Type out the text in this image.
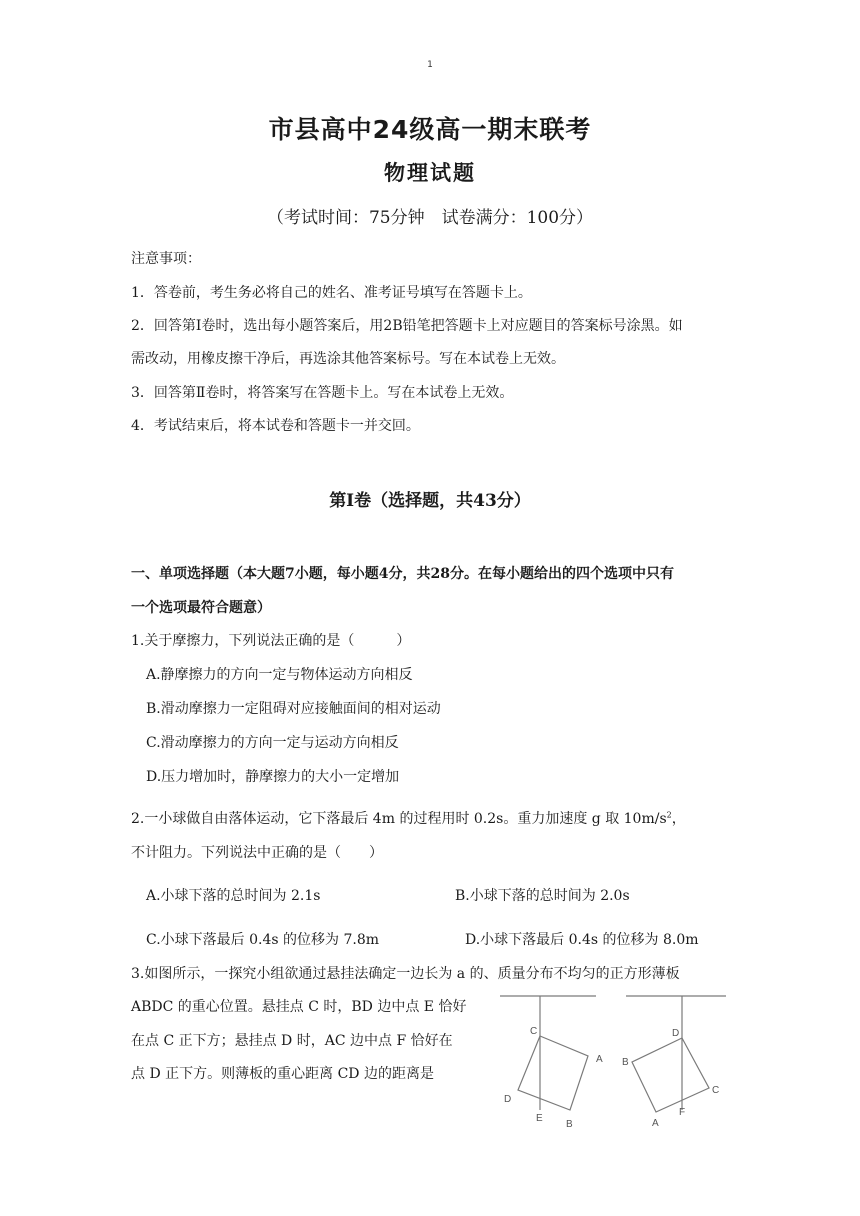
1
市县高中24级高一期末联考
物理试题
（考试时间：75分钟　试卷满分：100分）
注意事项：
1．答卷前，考生务必将自己的姓名、准考证号填写在答题卡上。
2．回答第Ⅰ卷时，选出每小题答案后，用2B铅笔把答题卡上对应题目的答案标号涂黑。如
需改动，用橡皮擦干净后，再选涂其他答案标号。写在本试卷上无效。
3．回答第Ⅱ卷时，将答案写在答题卡上。写在本试卷上无效。
4．考试结束后，将本试卷和答题卡一并交回。
第Ⅰ卷（选择题，共43分）
一、单项选择题（本大题7小题，每小题4分，共28分。在每小题给出的四个选项中只有
一个选项最符合题意）
1.关于摩擦力，下列说法正确的是（　　　）
A.静摩擦力的方向一定与物体运动方向相反
B.滑动摩擦力一定阻碍对应接触面间的相对运动
C.滑动摩擦力的方向一定与运动方向相反
D.压力增加时，静摩擦力的大小一定增加
2.一小球做自由落体运动，它下落最后 4m 的过程用时 0.2s。重力加速度 g 取 $10m/s^2$，
不计阻力。下列说法中正确的是（　　）
A.小球下落的总时间为 2.1s	B.小球下落的总时间为 2.0s
C.小球下落最后 0.4s 的位移为 7.8m	D.小球下落最后 0.4s 的位移为 8.0m
3.如图所示，一探究小组欲通过悬挂法确定一边长为 a 的、质量分布不均匀的正方形薄板
ABDC 的重心位置。悬挂点 C 时，BD 边中点 E 恰好
在点 C 正下方；悬挂点 D 时，AC 边中点 F 恰好在
点 D 正下方。则薄板的重心距离 CD 边的距离是
C
A
D
E
B
D
B
C
A
F
